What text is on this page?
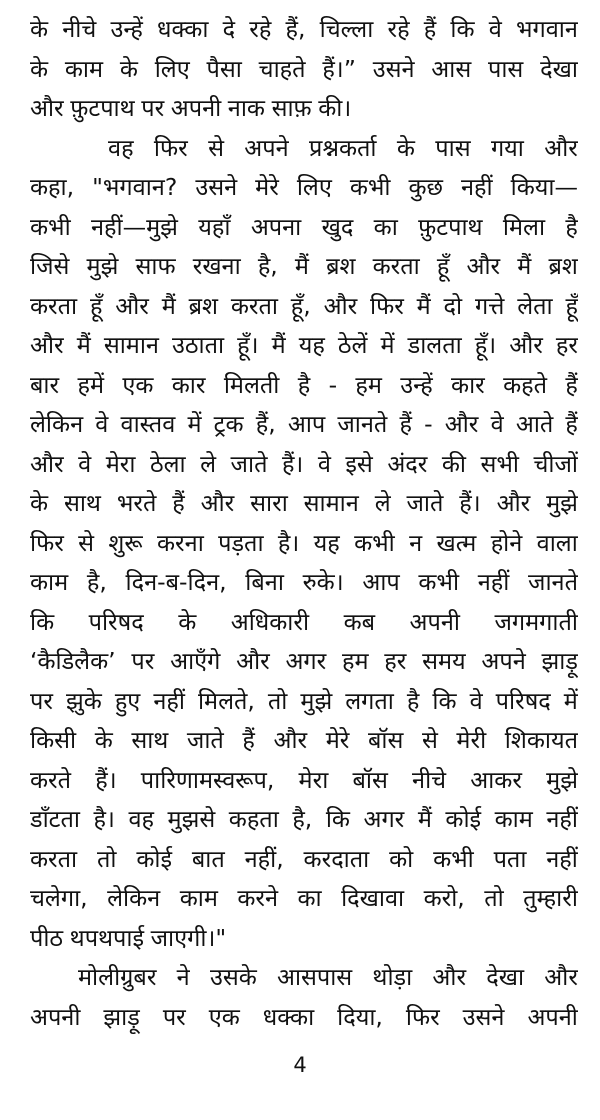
के नीचे उन्हें धक्का दे रहे हैं, चिल्ला रहे हैं कि वे भगवान
के काम के लिए पैसा चाहते हैं।” उसने आस पास देखा
और फ़ुटपाथ पर अपनी नाक साफ़ की।
वह फिर से अपने प्रश्नकर्ता के पास गया और
कहा, "भगवान? उसने मेरे लिए कभी कुछ नहीं किया—
कभी नहीं—मुझे यहाँ अपना खुद का फ़ुटपाथ मिला है
जिसे मुझे साफ रखना है, मैं ब्रश करता हूँ और मैं ब्रश
करता हूँ और मैं ब्रश करता हूँ, और फिर मैं दो गत्ते लेता हूँ
और मैं सामान उठाता हूँ। मैं यह ठेलें में डालता हूँ। और हर
बार हमें एक कार मिलती है - हम उन्हें कार कहते हैं
लेकिन वे वास्तव में ट्रक हैं, आप जानते हैं - और वे आते हैं
और वे मेरा ठेला ले जाते हैं। वे इसे अंदर की सभी चीजों
के साथ भरते हैं और सारा सामान ले जाते हैं। और मुझे
फिर से शुरू करना पड़ता है। यह कभी न खत्म होने वाला
काम है, दिन-ब-दिन, बिना रुके। आप कभी नहीं जानते
कि परिषद के अधिकारी कब अपनी जगमगाती
‘कैडिलैक’ पर आएँगे और अगर हम हर समय अपने झाड़ू
पर झुके हुए नहीं मिलते, तो मुझे लगता है कि वे परिषद में
किसी के साथ जाते हैं और मेरे बॉस से मेरी शिकायत
करते हैं। पारिणामस्वरूप, मेरा बॉस नीचे आकर मुझे
डाँटता है। वह मुझसे कहता है, कि अगर मैं कोई काम नहीं
करता तो कोई बात नहीं, करदाता को कभी पता नहीं
चलेगा, लेकिन काम करने का दिखावा करो, तो तुम्हारी
पीठ थपथपाई जाएगी।"
मोलीग्रुबर ने उसके आसपास थोड़ा और देखा और
अपनी झाड़ू पर एक धक्का दिया, फिर उसने अपनी
4
